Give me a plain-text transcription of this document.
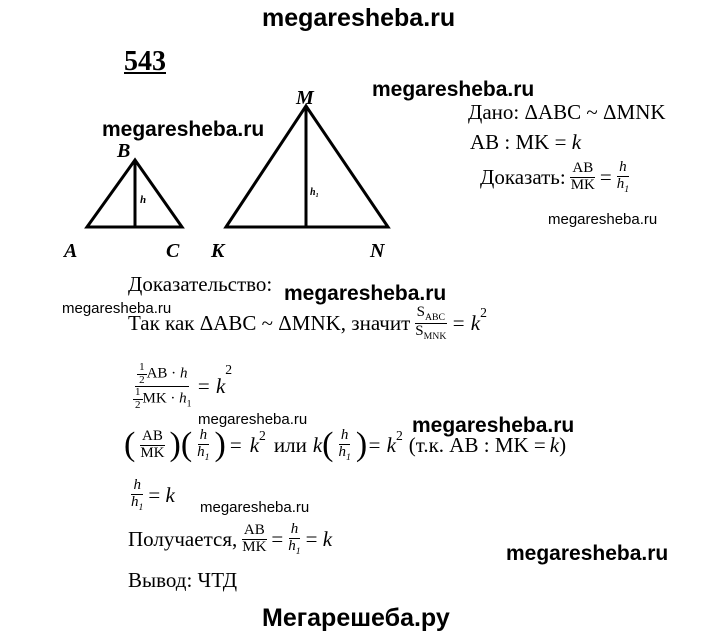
megaresheba.ru
megaresheba.ru
megaresheba.ru
megaresheba.ru
megaresheba.ru
megaresheba.ru
megaresheba.ru	megaresheba.ru
megaresheba.ru
megaresheba.ru
Мегарешеба.ру
543
A
B
C
h
K
M
N
h₁
Дано: ΔABC ~ ΔMNK
AB : MK = k
Доказать: $\frac{AB}{MK} = \frac{h}{h_1}$
Доказательство:
Так как ΔABC ~ ΔMNK, значит $\frac{S_{ABC}}{S_{MNK}} = k^2$
$\frac{\frac{1}{2} AB \cdot h}{\frac{1}{2} MK \cdot h_1} = k$
$^2$
( $\frac{AB}{MK}$ ) ( $\frac{h}{h_1}$ ) = $k^2$ или k ( $\frac{h}{h_1}$ ) = $k^2$ (т.к. AB : MK = k )
$\frac{h}{h_1} = k$
Получается, $\frac{AB}{MK} = \frac{h}{h_1} = k$
Вывод: ЧТД
